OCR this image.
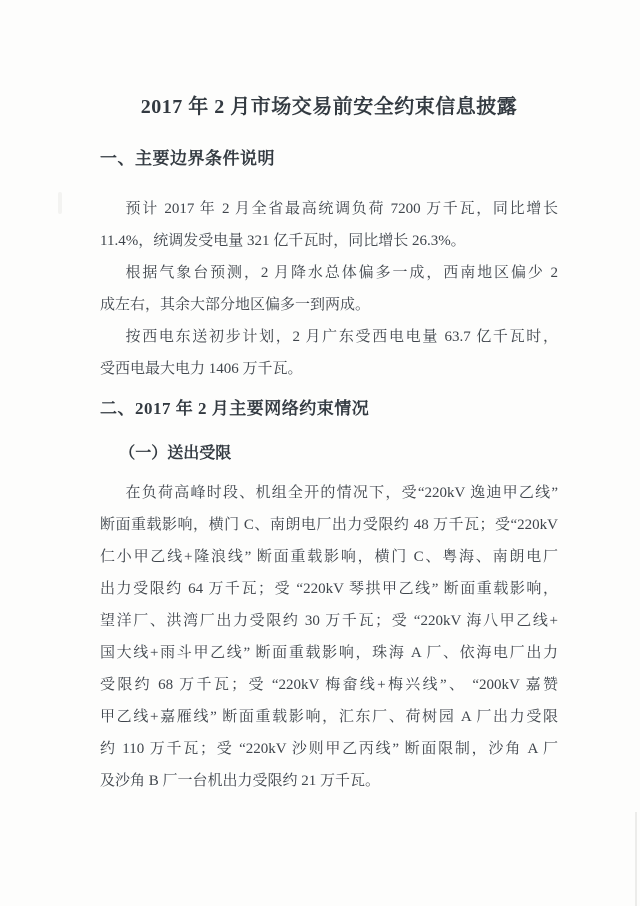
2017 年 2 月市场交易前安全约束信息披露
一、主要边界条件说明
预计 2017 年 2 月全省最高统调负荷 7200 万千瓦，同比增长
11.4%，统调发受电量 321 亿千瓦时，同比增长 26.3%。
根据气象台预测，2 月降水总体偏多一成，西南地区偏少 2
成左右，其余大部分地区偏多一到两成。
按西电东送初步计划，2 月广东受西电电量 63.7 亿千瓦时，
受西电最大电力 1406 万千瓦。
二、2017 年 2 月主要网络约束情况
（一）送出受限
在负荷高峰时段、机组全开的情况下，受“220kV 逸迪甲乙线”
断面重载影响，横门 C、南朗电厂出力受限约 48 万千瓦；受“220kV
仁小甲乙线+隆浪线” 断面重载影响，横门 C、粤海、南朗电厂
出力受限约 64 万千瓦；受 “220kV 琴拱甲乙线” 断面重载影响，
望洋厂、洪湾厂出力受限约 30 万千瓦；受 “220kV 海八甲乙线+
国大线+雨斗甲乙线” 断面重载影响，珠海 A 厂、依海电厂出力
受限约 68 万千瓦；受 “220kV 梅畲线+梅兴线”、 “200kV 嘉赞
甲乙线+嘉雁线” 断面重载影响，汇东厂、荷树园 A 厂出力受限
约 110 万千瓦；受 “220kV 沙则甲乙丙线” 断面限制，沙角 A 厂
及沙角 B 厂一台机出力受限约 21 万千瓦。
